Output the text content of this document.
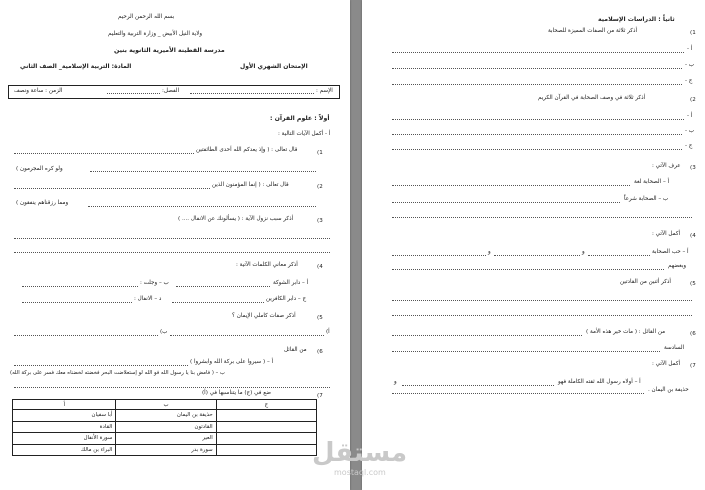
بسم الله الرحمن الرحيم
ولاية النيل الأبيض _ وزارة التربية والتعليم
مدرسة القطينة الأميرية الثانوية بنين
المادة: التربية الإسلامية_ الصف الثاني	الإمتحان الشهري الأول
الإسم :
الفصل:
الزمن : ساعة ونصف
أولاً : علوم القرآن :
أ - أكمل الآيات التالية :
1)
قال تعالى : ( وإذ يعدكم الله أحدى الطائفتين
ولو كره المجرمون )
2)
قال تعالى : ( إنما المؤمنون الذين
ومما رزقناهم ينفقون )
3)
أذكر سبب نزول الآية : ( يسألونك عن الانفال .... )
4)
أذكر معاني الكلمات الآتية :
أ – دابر الشوكة
ب – وجلت :
ج – دابر الكافرين
د – الانفال :
5)
أذكر صفات كاملي الإيمان ؟
أ)
ب)
6)
من القائل
أ – ( سيروا على بركة الله وابشروا )
ب – ( فامض بنا يا رسول الله فو الله لو إستعلاضت البحر فخضته لخضناه معك فسر على بركة الله)
7)
ضع في (ج) ما يتناسبها في (أ)
ج	ب	أ
	حذيفة بن اليمان	أبا سفيان
	القادتون	القادة
	العير	سورة الأنفال
	سورة بدر	البراء بن مالك
ثانياً : الدراسات الإسلامية
1)
أذكر ثلاثة من الصفات المميزة للصحابة
أ -
ب -
ج -
2)
أذكر ثلاثة في وصف الصحابة في القرآن الكريم
أ -
ب -
ج -
3)
عرف الآتي :
أ – الصحابة لغة
ب – الصحابة شرعاً
4)
أكمل الآتي :
أ – حب الصحابة
و
و
وبغضهم
5)
أذكر أثنين من القادتين
6)
من القائل : ( مات خير هذه الأمة )
السادسة
7)
أكمل الآتي :
أ – أولاه رسول الله ثقته الكاملة فهو
و
حذيفة بن اليمان .
مستقل
mostaql.com
